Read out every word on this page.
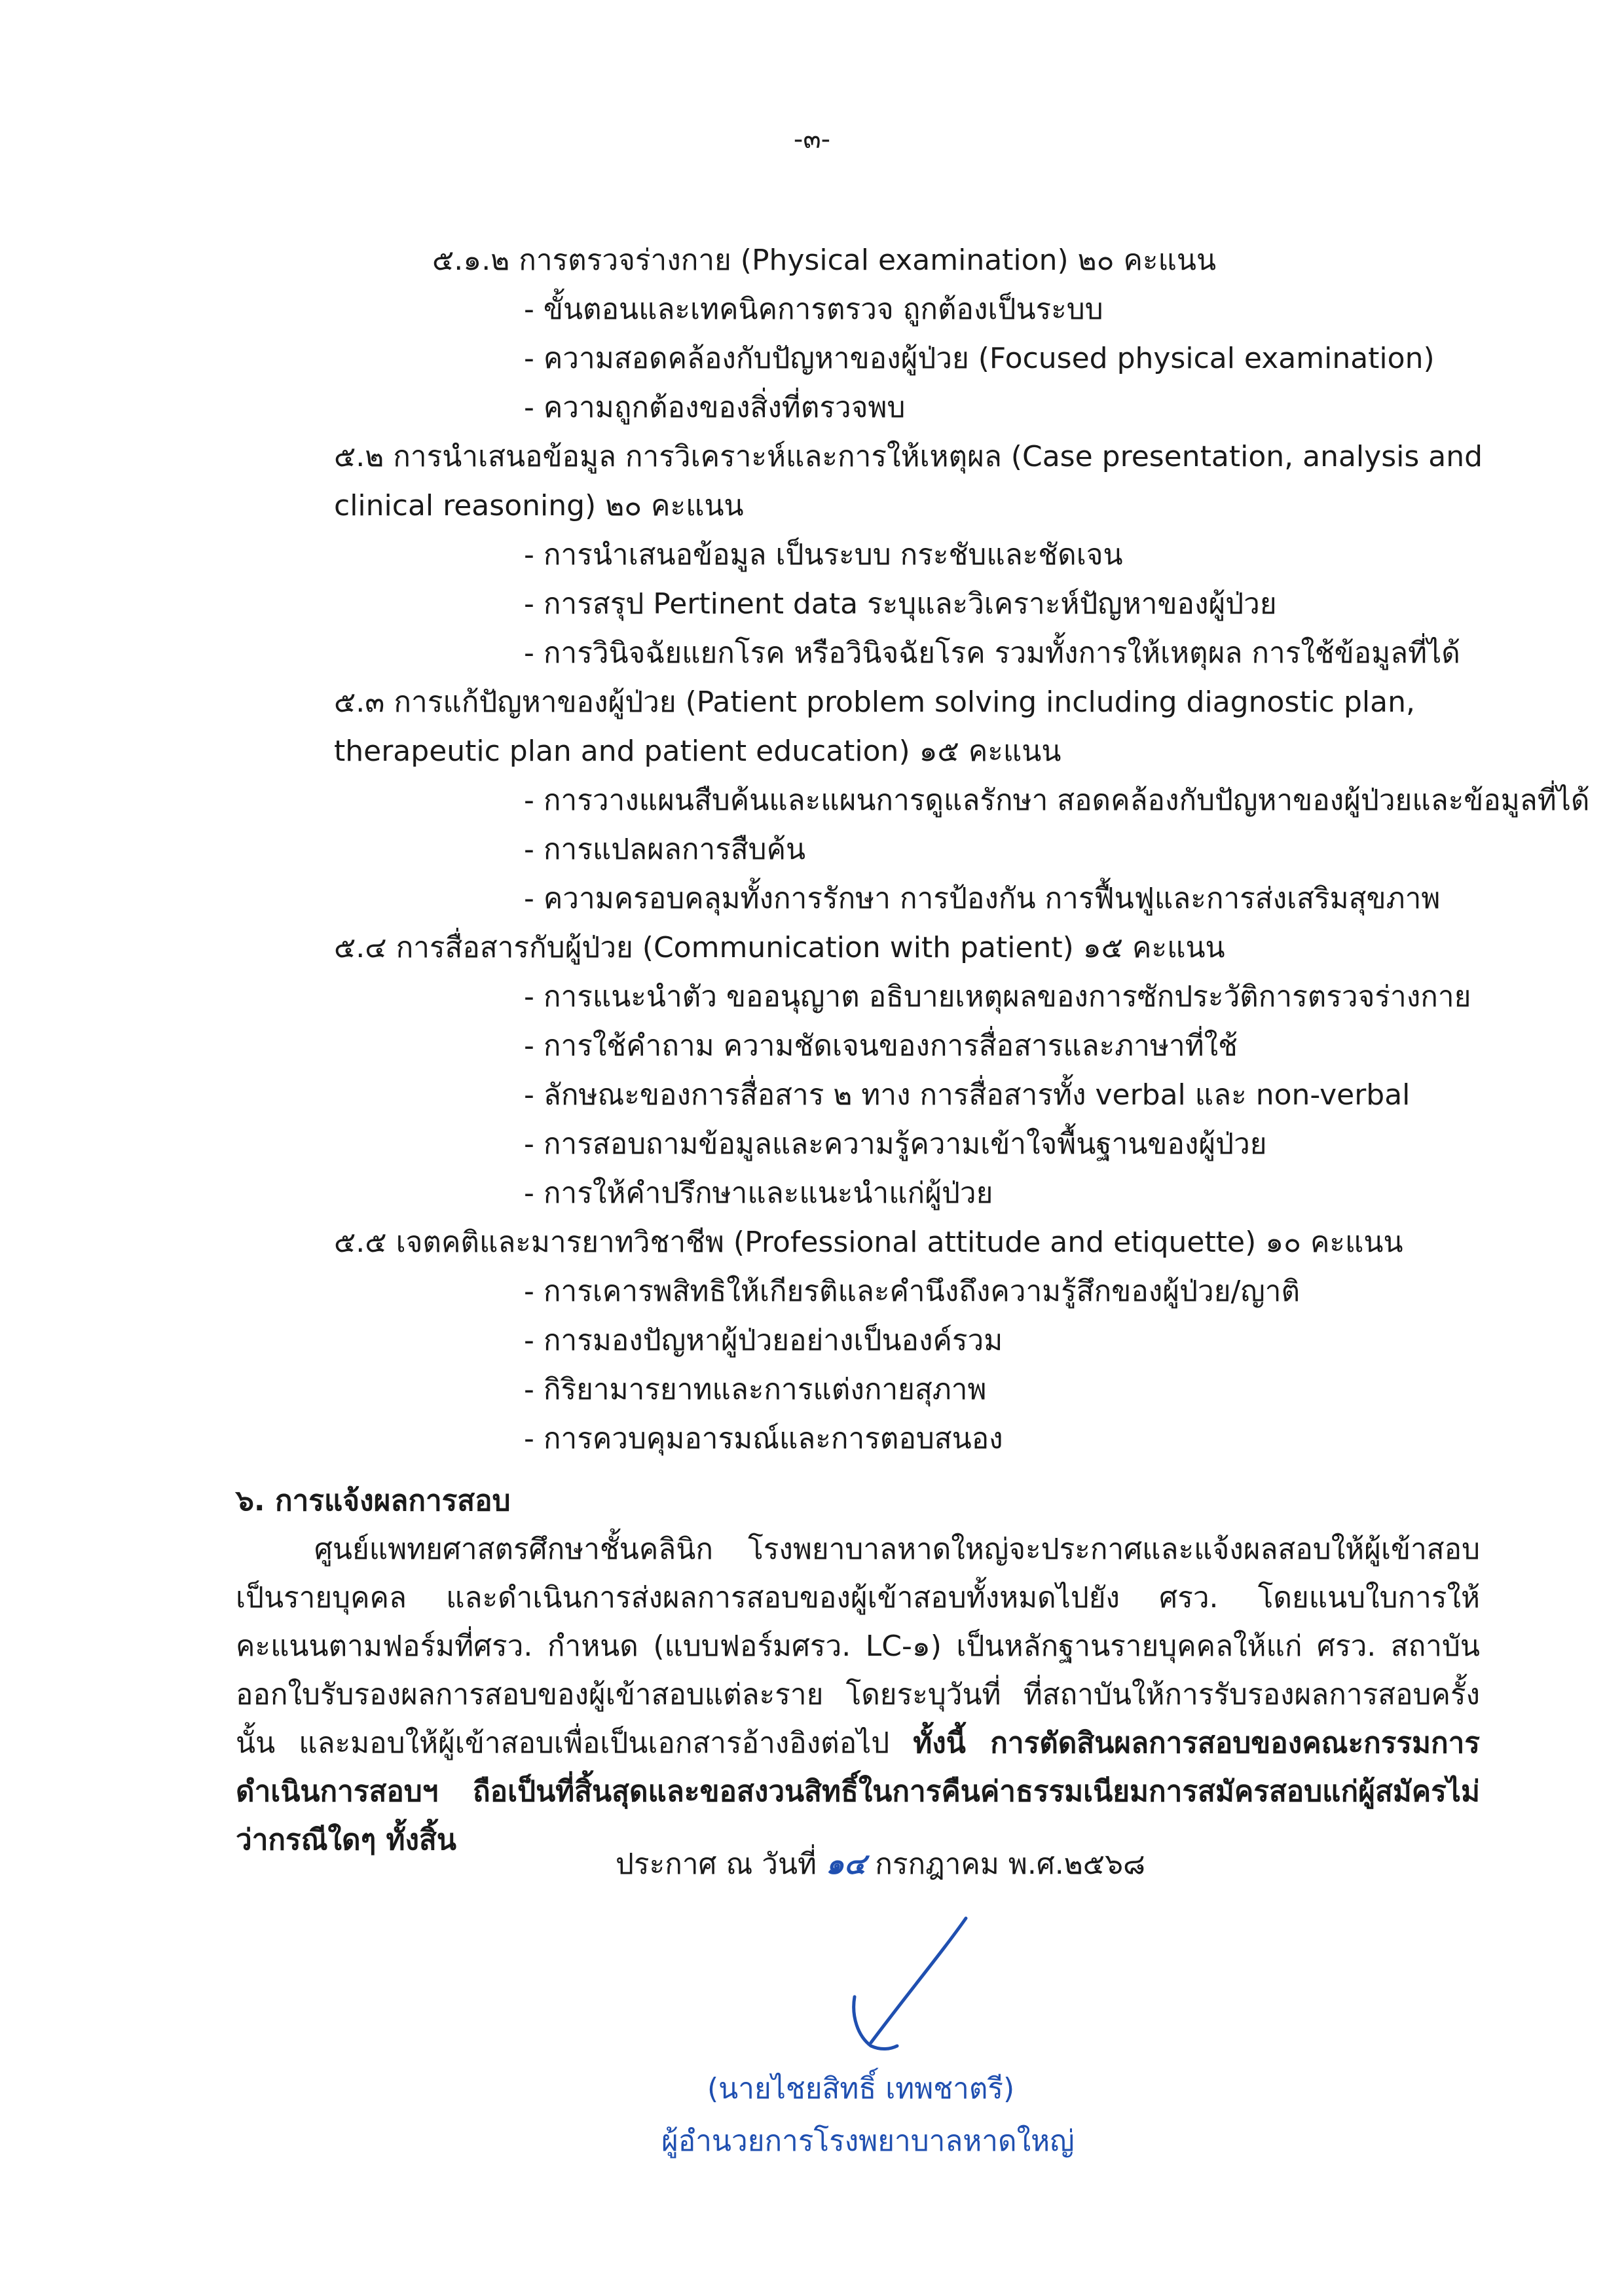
-๓-
๕.๑.๒ การตรวจร่างกาย (Physical examination) ๒๐ คะแนน
- ขั้นตอนและเทคนิคการตรวจ ถูกต้องเป็นระบบ
- ความสอดคล้องกับปัญหาของผู้ป่วย (Focused physical examination)
- ความถูกต้องของสิ่งที่ตรวจพบ
๕.๒ การนำเสนอข้อมูล การวิเคราะห์และการให้เหตุผล (Case presentation, analysis and
clinical reasoning) ๒๐ คะแนน
- การนำเสนอข้อมูล เป็นระบบ กระชับและชัดเจน
- การสรุป Pertinent data ระบุและวิเคราะห์ปัญหาของผู้ป่วย
- การวินิจฉัยแยกโรค หรือวินิจฉัยโรค รวมทั้งการให้เหตุผล การใช้ข้อมูลที่ได้
๕.๓ การแก้ปัญหาของผู้ป่วย (Patient problem solving including diagnostic plan,
therapeutic plan and patient education) ๑๕ คะแนน
- การวางแผนสืบค้นและแผนการดูแลรักษา สอดคล้องกับปัญหาของผู้ป่วยและข้อมูลที่ได้
- การแปลผลการสืบค้น
- ความครอบคลุมทั้งการรักษา การป้องกัน การฟื้นฟูและการส่งเสริมสุขภาพ
๕.๔ การสื่อสารกับผู้ป่วย (Communication with patient) ๑๕ คะแนน
- การแนะนำตัว ขออนุญาต อธิบายเหตุผลของการซักประวัติการตรวจร่างกาย
- การใช้คำถาม ความชัดเจนของการสื่อสารและภาษาที่ใช้
- ลักษณะของการสื่อสาร ๒ ทาง การสื่อสารทั้ง verbal และ non-verbal
- การสอบถามข้อมูลและความรู้ความเข้าใจพื้นฐานของผู้ป่วย
- การให้คำปรึกษาและแนะนำแก่ผู้ป่วย
๕.๕ เจตคติและมารยาทวิชาชีพ (Professional attitude and etiquette) ๑๐ คะแนน
- การเคารพสิทธิให้เกียรติและคำนึงถึงความรู้สึกของผู้ป่วย/ญาติ
- การมองปัญหาผู้ป่วยอย่างเป็นองค์รวม
- กิริยามารยาทและการแต่งกายสุภาพ
- การควบคุมอารมณ์และการตอบสนอง
๖. การแจ้งผลการสอบ
ศูนย์แพทยศาสตรศึกษาชั้นคลินิก โรงพยาบาลหาดใหญ่จะประกาศและแจ้งผลสอบให้ผู้เข้าสอบเป็นรายบุคคล และดำเนินการส่งผลการสอบของผู้เข้าสอบทั้งหมดไปยัง ศรว. โดยแนบใบการให้คะแนนตามฟอร์มที่ศรว. กำหนด (แบบฟอร์มศรว. LC-๑) เป็นหลักฐานรายบุคคลให้แก่ ศรว. สถาบันออกใบรับรองผลการสอบของผู้เข้าสอบแต่ละราย โดยระบุวันที่ ที่สถาบันให้การรับรองผลการสอบครั้งนั้น และมอบให้ผู้เข้าสอบเพื่อเป็นเอกสารอ้างอิงต่อไป ทั้งนี้ การตัดสินผลการสอบของคณะกรรมการดำเนินการสอบฯ ถือเป็นที่สิ้นสุดและขอสงวนสิทธิ์ในการคืนค่าธรรมเนียมการสมัครสอบแก่ผู้สมัครไม่ว่ากรณีใดๆ ทั้งสิ้น
ประกาศ ณ วันที่ ๑๔ กรกฎาคม พ.ศ.๒๕๖๘
(นายไชยสิทธิ์ เทพชาตรี)
ผู้อำนวยการโรงพยาบาลหาดใหญ่
